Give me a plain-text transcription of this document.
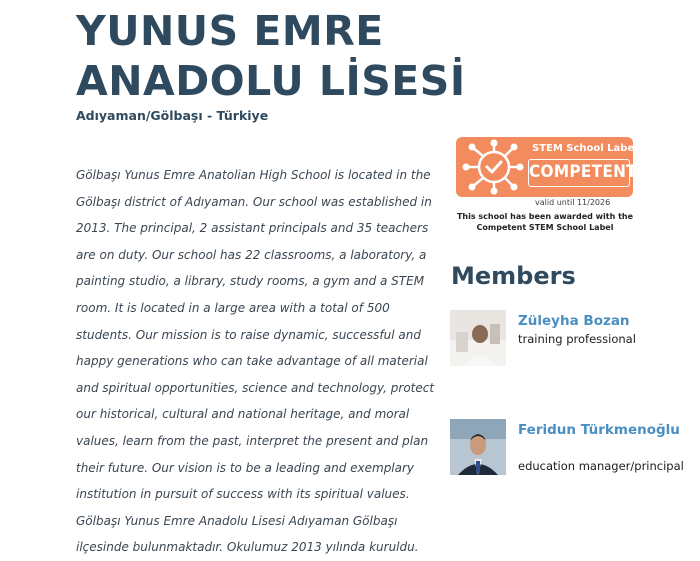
YUNUS EMRE ANADOLU LİSESİ
Adıyaman/Gölbaşı - Türkiye

Gölbaşı Yunus Emre Anatolian High School is located in the Gölbaşı district of Adıyaman. Our school was established in 2013. The principal, 2 assistant principals and 35 teachers are on duty. Our school has 22 classrooms, a laboratory, a painting studio, a library, study rooms, a gym and a STEM room. It is located in a large area with a total of 500 students. Our mission is to raise dynamic, successful and happy generations who can take advantage of all material and spiritual opportunities, science and technology, protect our historical, cultural and national heritage, and moral values, learn from the past, interpret the present and plan their future. Our vision is to be a leading and exemplary institution in pursuit of success with its spiritual values. Gölbaşı Yunus Emre Anadolu Lisesi Adıyaman Gölbaşı ilçesinde bulunmaktadır. Okulumuz 2013 yılında kuruldu.

STEM School Label
COMPETENT
valid until 11/2026
This school has been awarded with the Competent STEM School Label
Members
Züleyha Bozan
training professional
Feridun Türkmenoğlu
education manager/principal
